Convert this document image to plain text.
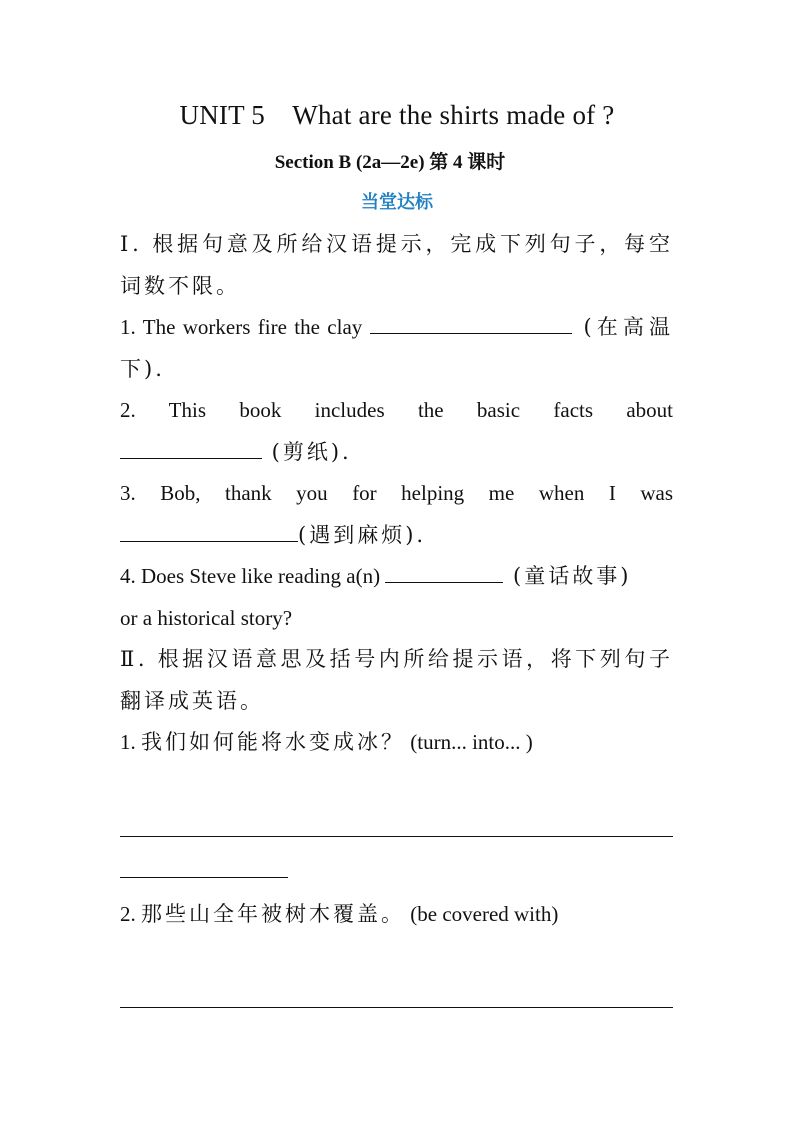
UNIT 5 What are the shirts made of ?
Section B (2a—2e) 第 4 课时
当堂达标

Ⅰ. 根据句意及所给汉语提示，完成下列句子，每空词数不限。

1. The workers fire the clay	(在高温下).

2. This book includes the basic facts about

(剪纸).

3. Bob, thank you for helping me when I was

(遇到麻烦).

4. Does Steve like reading a(n)	(童话故事)

or a historical story?

Ⅱ. 根据汉语意思及括号内所给提示语，将下列句子翻译成英语。

1. 我们如何能将水变成冰？ (turn... into... )

2. 那些山全年被树木覆盖。 (be covered with)
